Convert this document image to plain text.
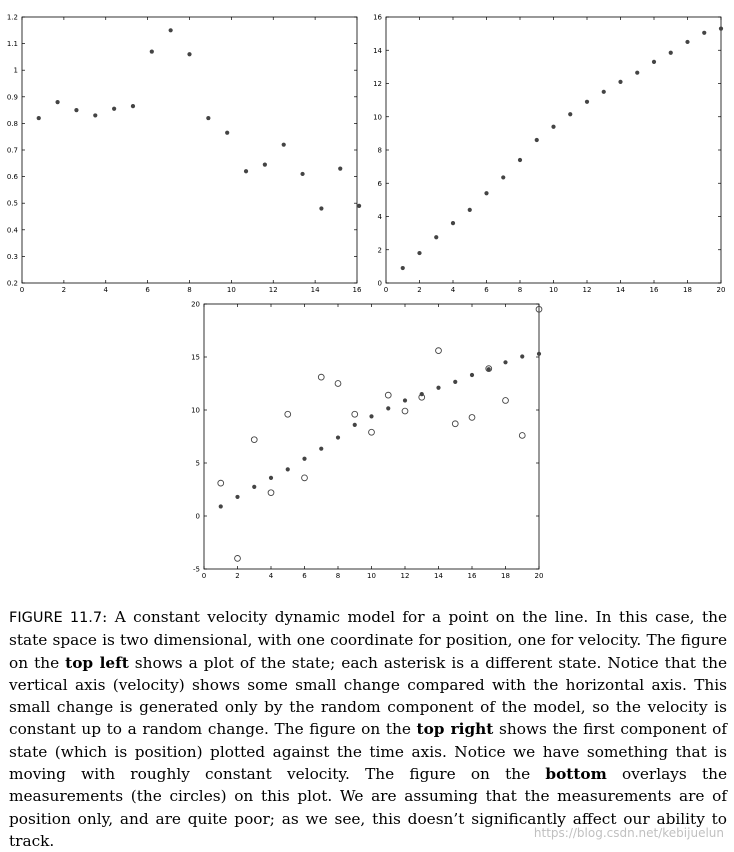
0	2	4	6	8	10	12	14	16
0.2
0.3
0.4
0.5
0.6
0.7
0.8
0.9
1
1.1
1.2
0	2	4	6	8	10	12	14	16	18	20
0
2
4
6
8
10
12
14
16
0	2	4	6	8	10	12	14	16	18	20
-5
0
5
10
15
20
FIGURE 11.7: A constant velocity dynamic model for a point on the line. In this case, the state space is two dimensional, with one coordinate for position, one for velocity. The figure on the top left shows a plot of the state; each asterisk is a different state. Notice that the vertical axis (velocity) shows some small change compared with the horizontal axis. This small change is generated only by the random component of the model, so the velocity is constant up to a random change. The figure on the top right shows the first component of state (which is position) plotted against the time axis. Notice we have something that is moving with roughly constant velocity. The figure on the bottom overlays the measurements (the circles) on this plot. We are assuming that the measurements are of position only, and are quite poor; as we see, this doesn’t significantly affect our ability to track.	https://blog.csdn.net/kebijuelun
